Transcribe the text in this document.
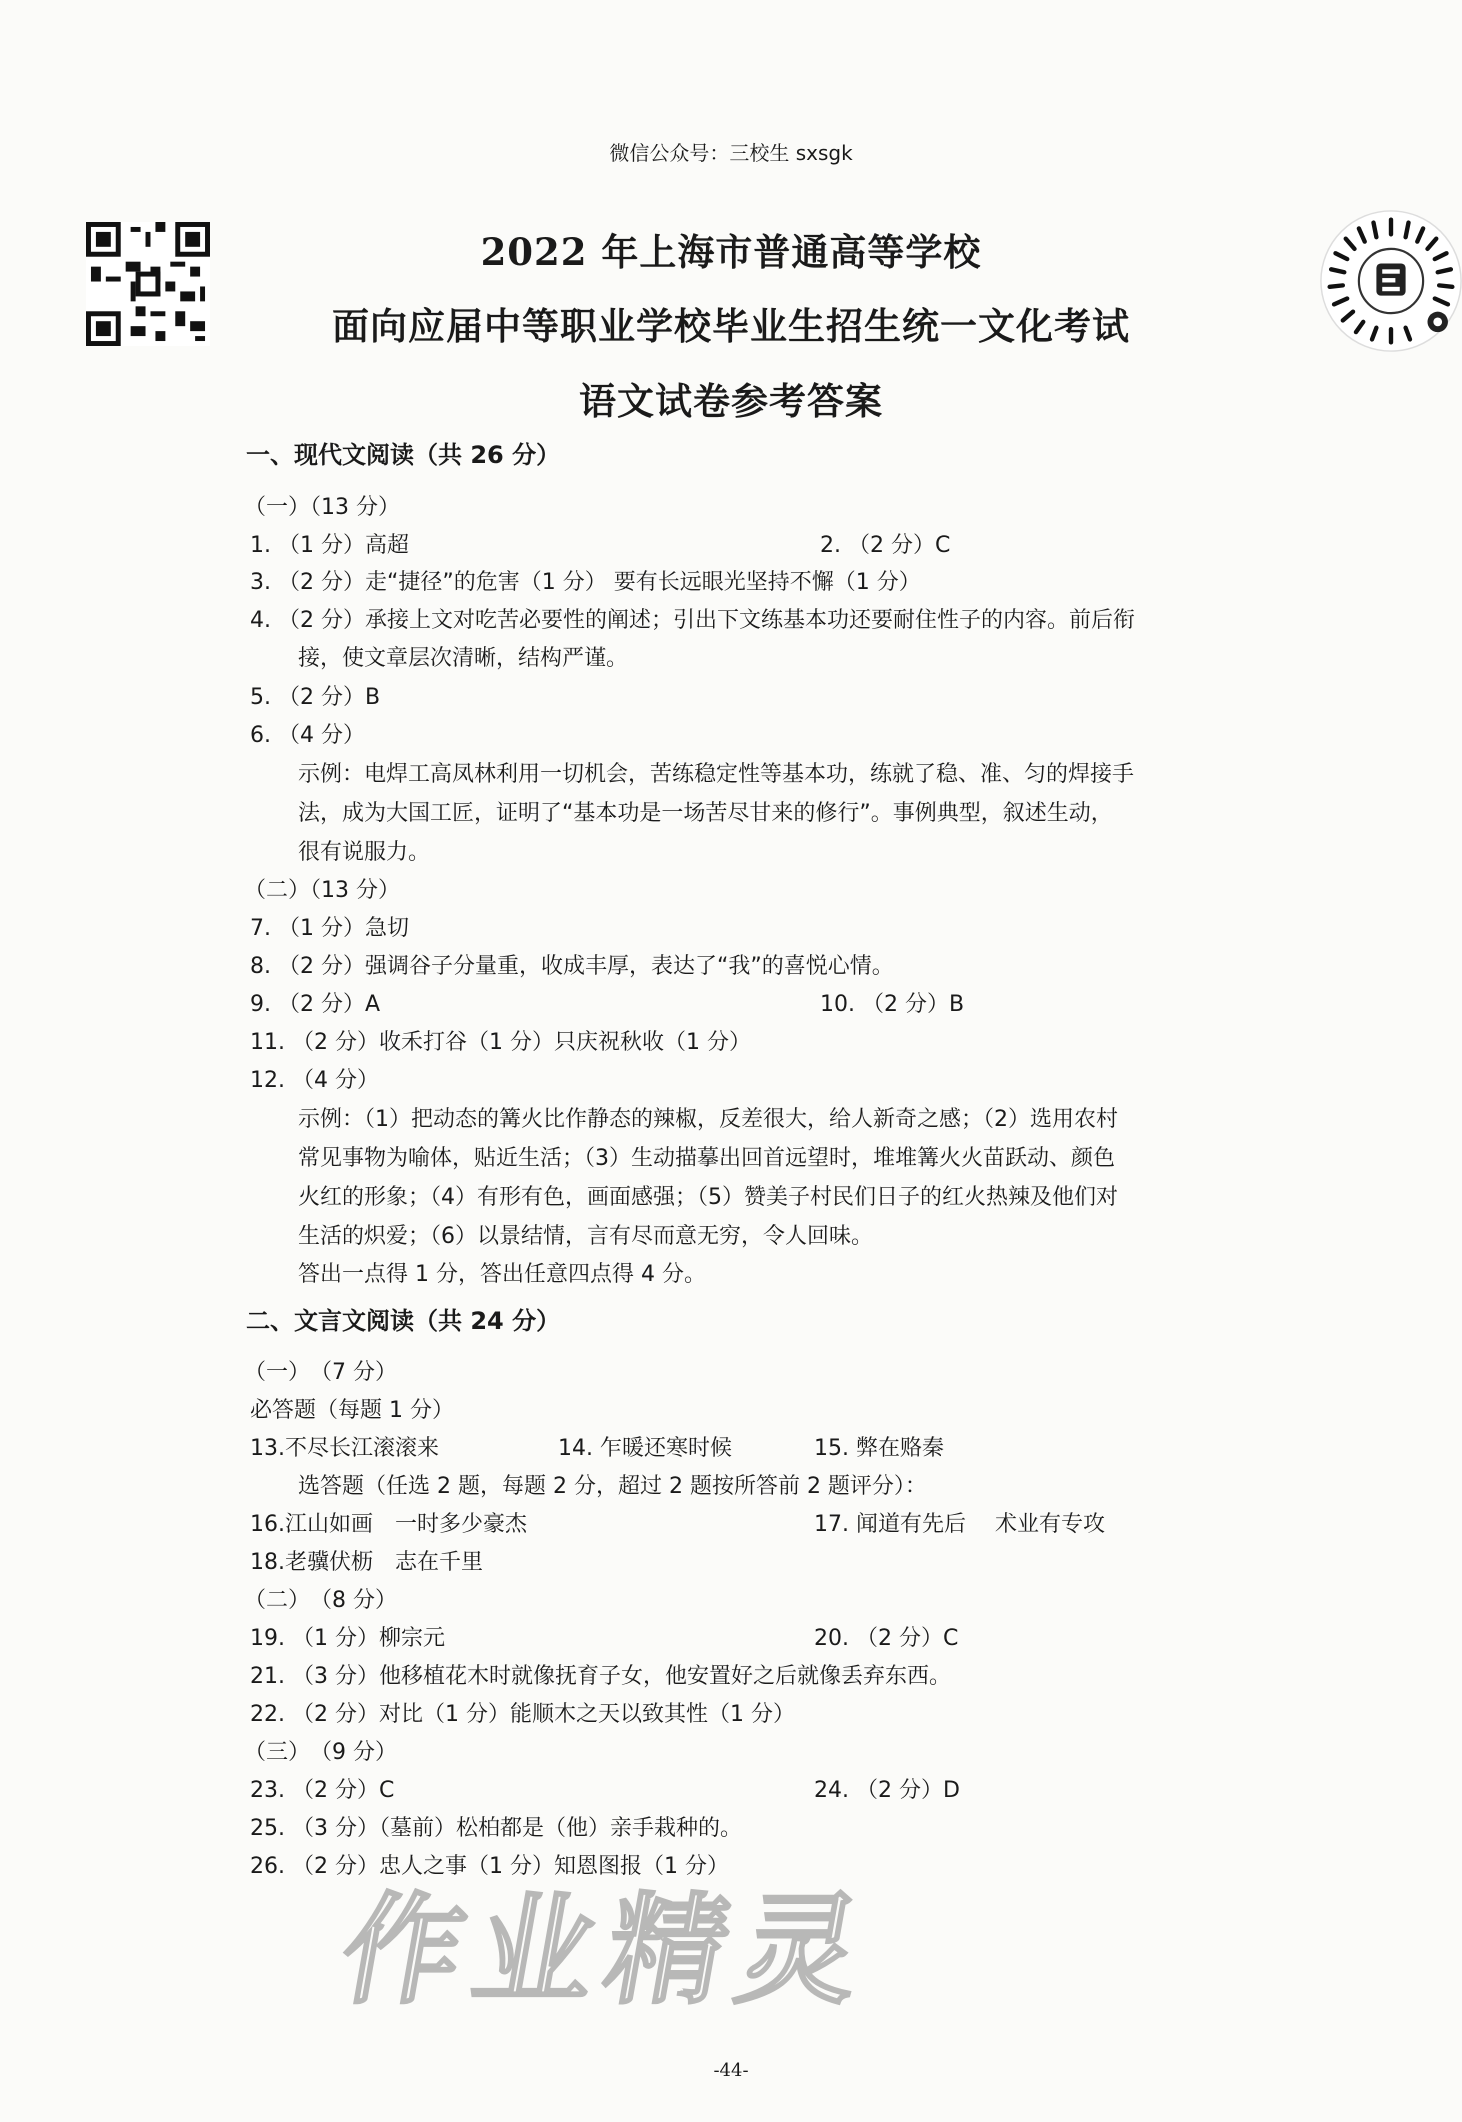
微信公众号：三校生 sxsgk
2022 年上海市普通高等学校
面向应届中等职业学校毕业生招生统一文化考试
语文试卷参考答案
一、现代文阅读（共 26 分）
（一）（13 分）
1. （1 分）高超	2. （2 分）C
3. （2 分）走“捷径”的危害（1 分） 要有长远眼光坚持不懈（1 分）
4. （2 分）承接上文对吃苦必要性的阐述；引出下文练基本功还要耐住性子的内容。前后衔
接，使文章层次清晰，结构严谨。
5. （2 分）B
6. （4 分）
示例：电焊工高凤林利用一切机会，苦练稳定性等基本功，练就了稳、准、匀的焊接手
法，成为大国工匠，证明了“基本功是一场苦尽甘来的修行”。事例典型，叙述生动，
很有说服力。
（二）（13 分）
7. （1 分）急切
8. （2 分）强调谷子分量重，收成丰厚，表达了“我”的喜悦心情。
9. （2 分）A	10. （2 分）B
11. （2 分）收禾打谷（1 分）只庆祝秋收（1 分）
12. （4 分）
示例：（1）把动态的篝火比作静态的辣椒，反差很大，给人新奇之感；（2）选用农村
常见事物为喻体，贴近生活；（3）生动描摹出回首远望时，堆堆篝火火苗跃动、颜色
火红的形象；（4）有形有色，画面感强；（5）赞美子村民们日子的红火热辣及他们对
生活的炽爱；（6）以景结情，言有尽而意无穷，令人回味。
答出一点得 1 分，答出任意四点得 4 分。
二、文言文阅读（共 24 分）
（一）　（7 分）
必答题（每题 1 分）
13.不尽长江滚滚来	14. 乍暖还寒时候	15. 弊在赂秦
选答题（任选 2 题，每题 2 分，超过 2 题按所答前 2 题评分）：
16.江山如画　一时多少豪杰	17. 闻道有先后　 术业有专攻
18.老骥伏枥　志在千里
（二）　（8 分）
19. （1 分）柳宗元	20. （2 分）C
21. （3 分）他移植花木时就像抚育子女，他安置好之后就像丢弃东西。
22. （2 分）对比（1 分）能顺木之天以致其性（1 分）
（三）　（9 分）
23. （2 分）C	24. （2 分）D
25. （3 分）（墓前）松柏都是（他）亲手栽种的。
26. （2 分）忠人之事（1 分）知恩图报（1 分）
作业精灵
-44-
